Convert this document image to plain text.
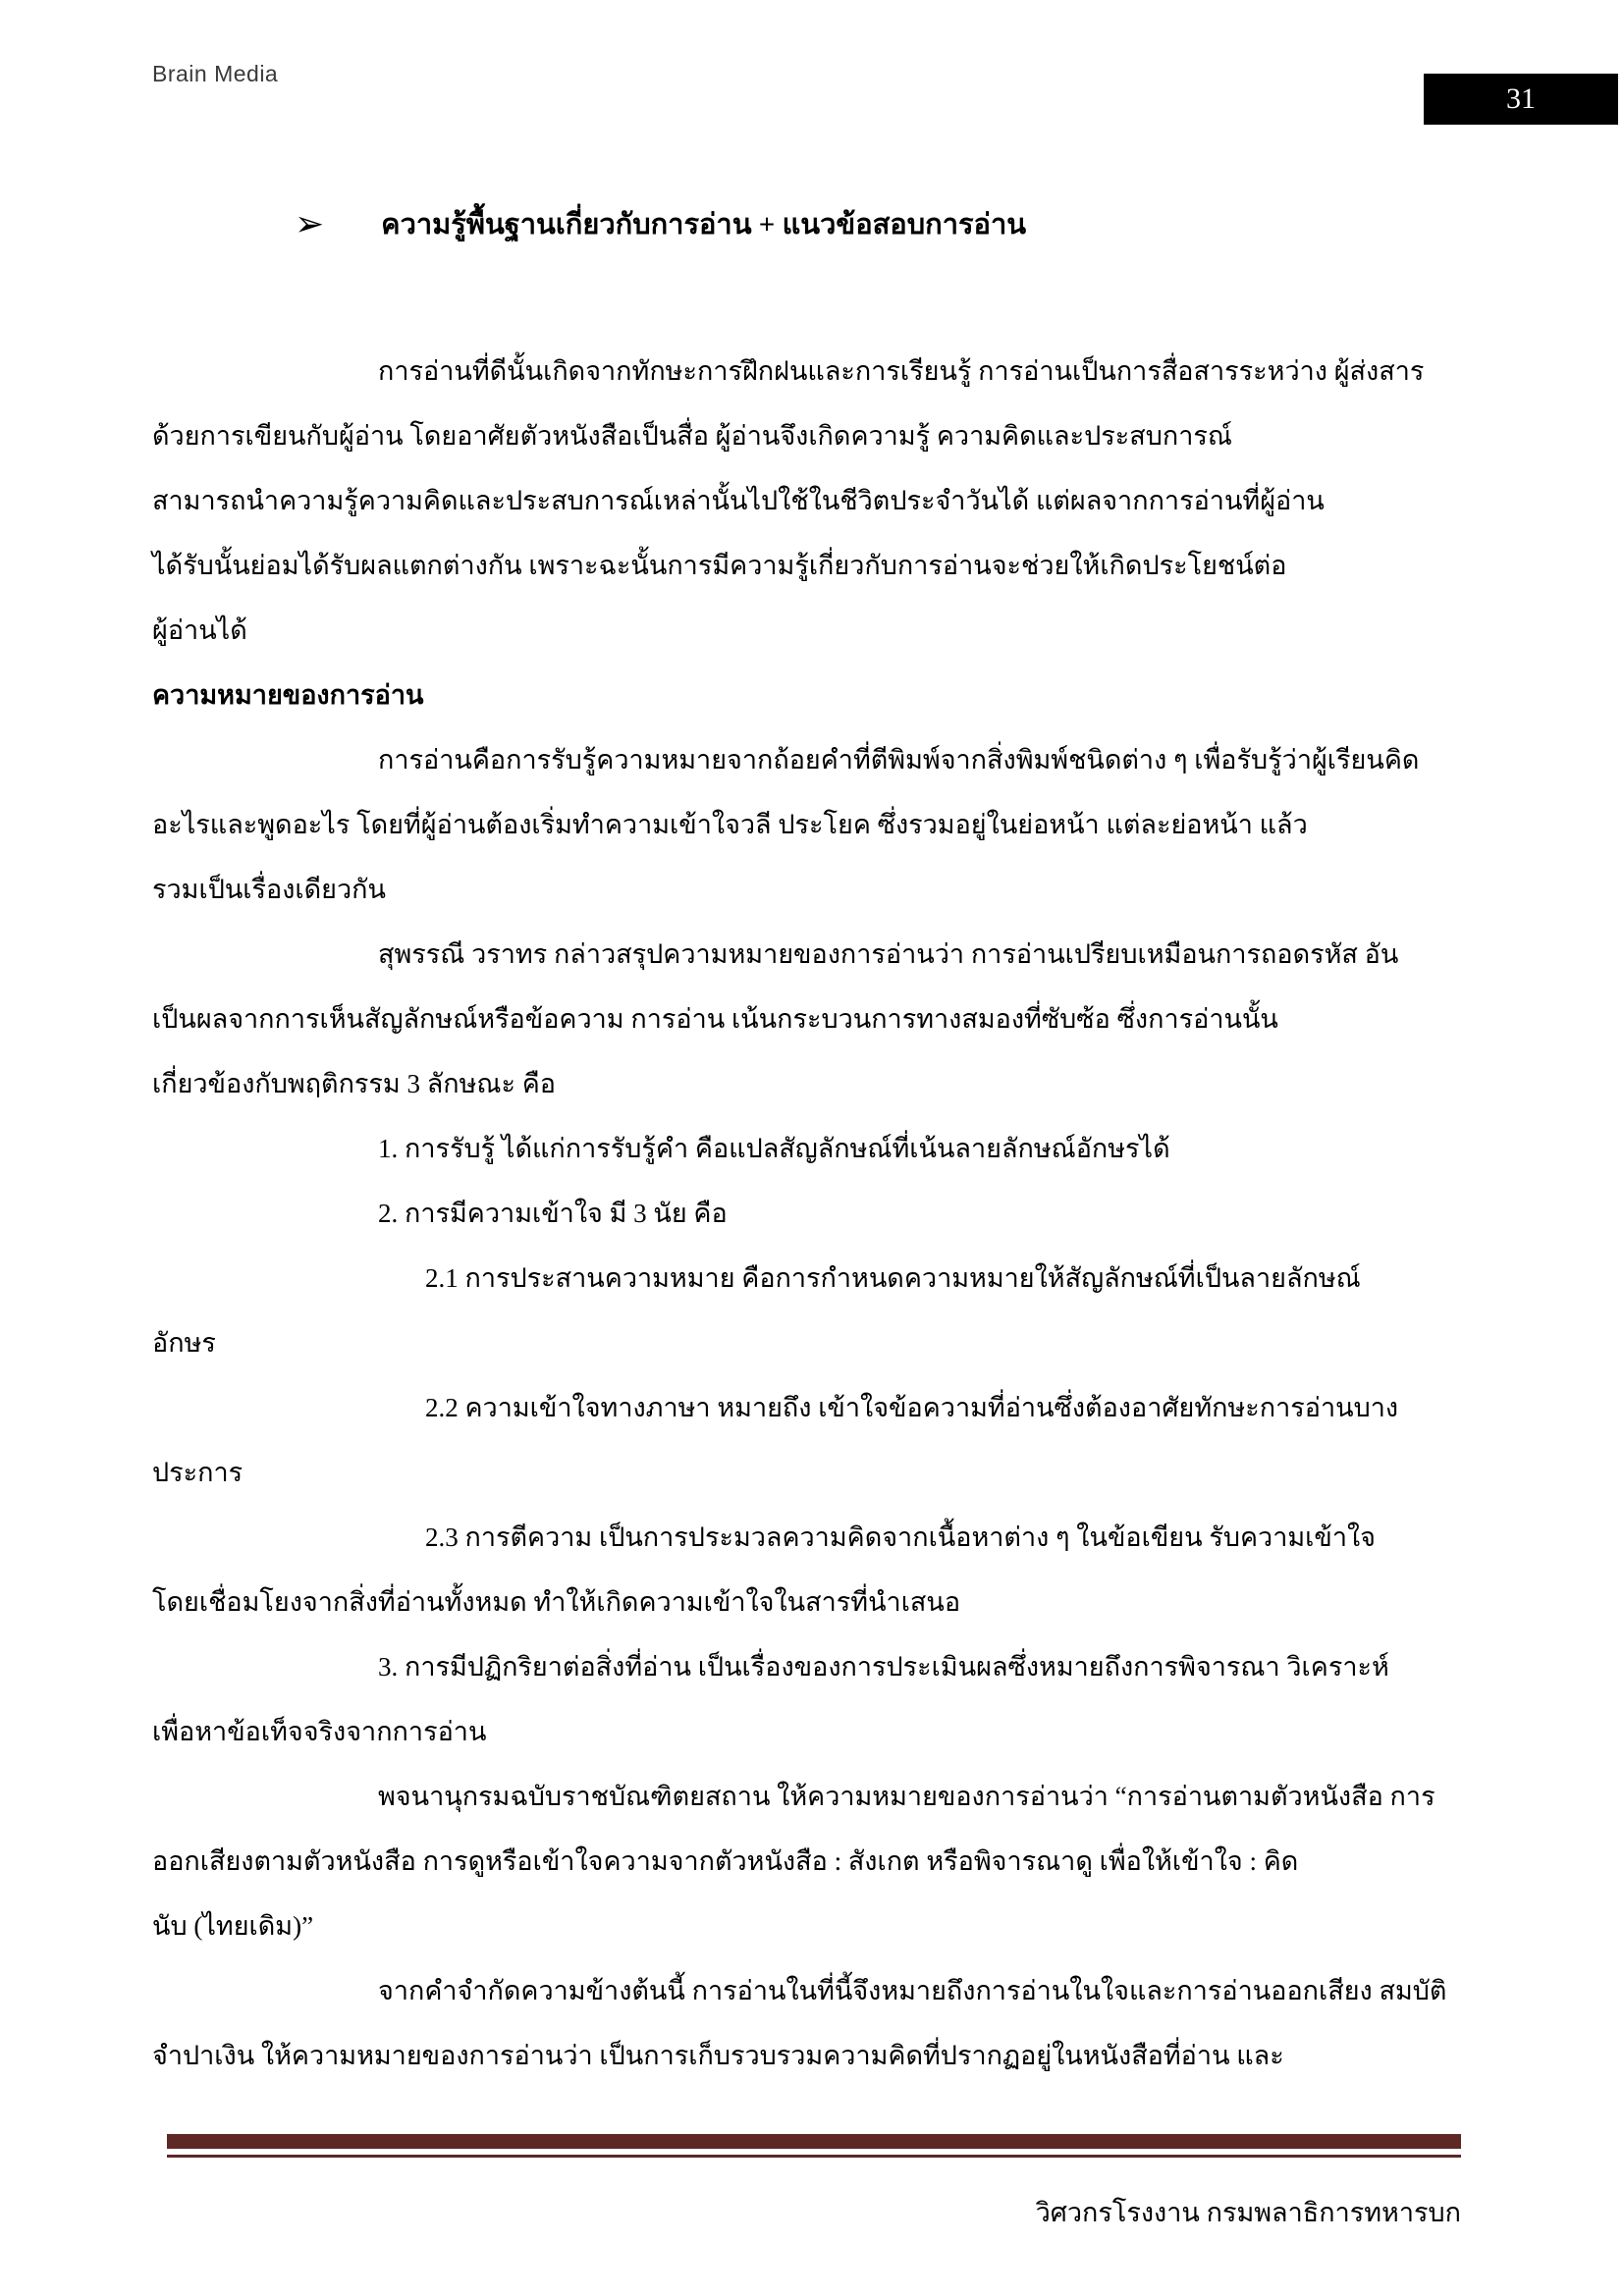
Brain Media
31
➢ ความรู้พื้นฐานเกี่ยวกับการอ่าน + แนวข้อสอบการอ่าน
การอ่านที่ดีนั้นเกิดจากทักษะการฝึกฝนและการเรียนรู้ การอ่านเป็นการสื่อสารระหว่าง ผู้ส่งสาร
ด้วยการเขียนกับผู้อ่าน โดยอาศัยตัวหนังสือเป็นสื่อ ผู้อ่านจึงเกิดความรู้ ความคิดและประสบการณ์
สามารถนำความรู้ความคิดและประสบการณ์เหล่านั้นไปใช้ในชีวิตประจำวันได้ แต่ผลจากการอ่านที่ผู้อ่าน
ได้รับนั้นย่อมได้รับผลแตกต่างกัน เพราะฉะนั้นการมีความรู้เกี่ยวกับการอ่านจะช่วยให้เกิดประโยชน์ต่อ
ผู้อ่านได้
ความหมายของการอ่าน
การอ่านคือการรับรู้ความหมายจากถ้อยคำที่ตีพิมพ์จากสิ่งพิมพ์ชนิดต่าง ๆ เพื่อรับรู้ว่าผู้เรียนคิด
อะไรและพูดอะไร โดยที่ผู้อ่านต้องเริ่มทำความเข้าใจวลี ประโยค ซึ่งรวมอยู่ในย่อหน้า แต่ละย่อหน้า แล้ว
รวมเป็นเรื่องเดียวกัน
สุพรรณี วราทร กล่าวสรุปความหมายของการอ่านว่า การอ่านเปรียบเหมือนการถอดรหัส อัน
เป็นผลจากการเห็นสัญลักษณ์หรือข้อความ การอ่าน เน้นกระบวนการทางสมองที่ซับซ้อ ซึ่งการอ่านนั้น
เกี่ยวข้องกับพฤติกรรม 3 ลักษณะ คือ
1. การรับรู้ ได้แก่การรับรู้คำ คือแปลสัญลักษณ์ที่เน้นลายลักษณ์อักษรได้
2. การมีความเข้าใจ มี 3 นัย คือ
2.1 การประสานความหมาย คือการกำหนดความหมายให้สัญลักษณ์ที่เป็นลายลักษณ์
อักษร
2.2 ความเข้าใจทางภาษา หมายถึง เข้าใจข้อความที่อ่านซึ่งต้องอาศัยทักษะการอ่านบาง
ประการ
2.3 การตีความ เป็นการประมวลความคิดจากเนื้อหาต่าง ๆ ในข้อเขียน รับความเข้าใจ
โดยเชื่อมโยงจากสิ่งที่อ่านทั้งหมด ทำให้เกิดความเข้าใจในสารที่นำเสนอ
3. การมีปฏิกริยาต่อสิ่งที่อ่าน เป็นเรื่องของการประเมินผลซึ่งหมายถึงการพิจารณา วิเคราะห์
เพื่อหาข้อเท็จจริงจากการอ่าน
พจนานุกรมฉบับราชบัณฑิตยสถาน ให้ความหมายของการอ่านว่า “การอ่านตามตัวหนังสือ การ
ออกเสียงตามตัวหนังสือ การดูหรือเข้าใจความจากตัวหนังสือ : สังเกต หรือพิจารณาดู เพื่อให้เข้าใจ : คิด
นับ (ไทยเดิม)”
จากคำจำกัดความข้างต้นนี้ การอ่านในที่นี้จึงหมายถึงการอ่านในใจและการอ่านออกเสียง สมบัติ
จำปาเงิน ให้ความหมายของการอ่านว่า เป็นการเก็บรวบรวมความคิดที่ปรากฏอยู่ในหนังสือที่อ่าน และ
วิศวกรโรงงาน กรมพลาธิการทหารบก
